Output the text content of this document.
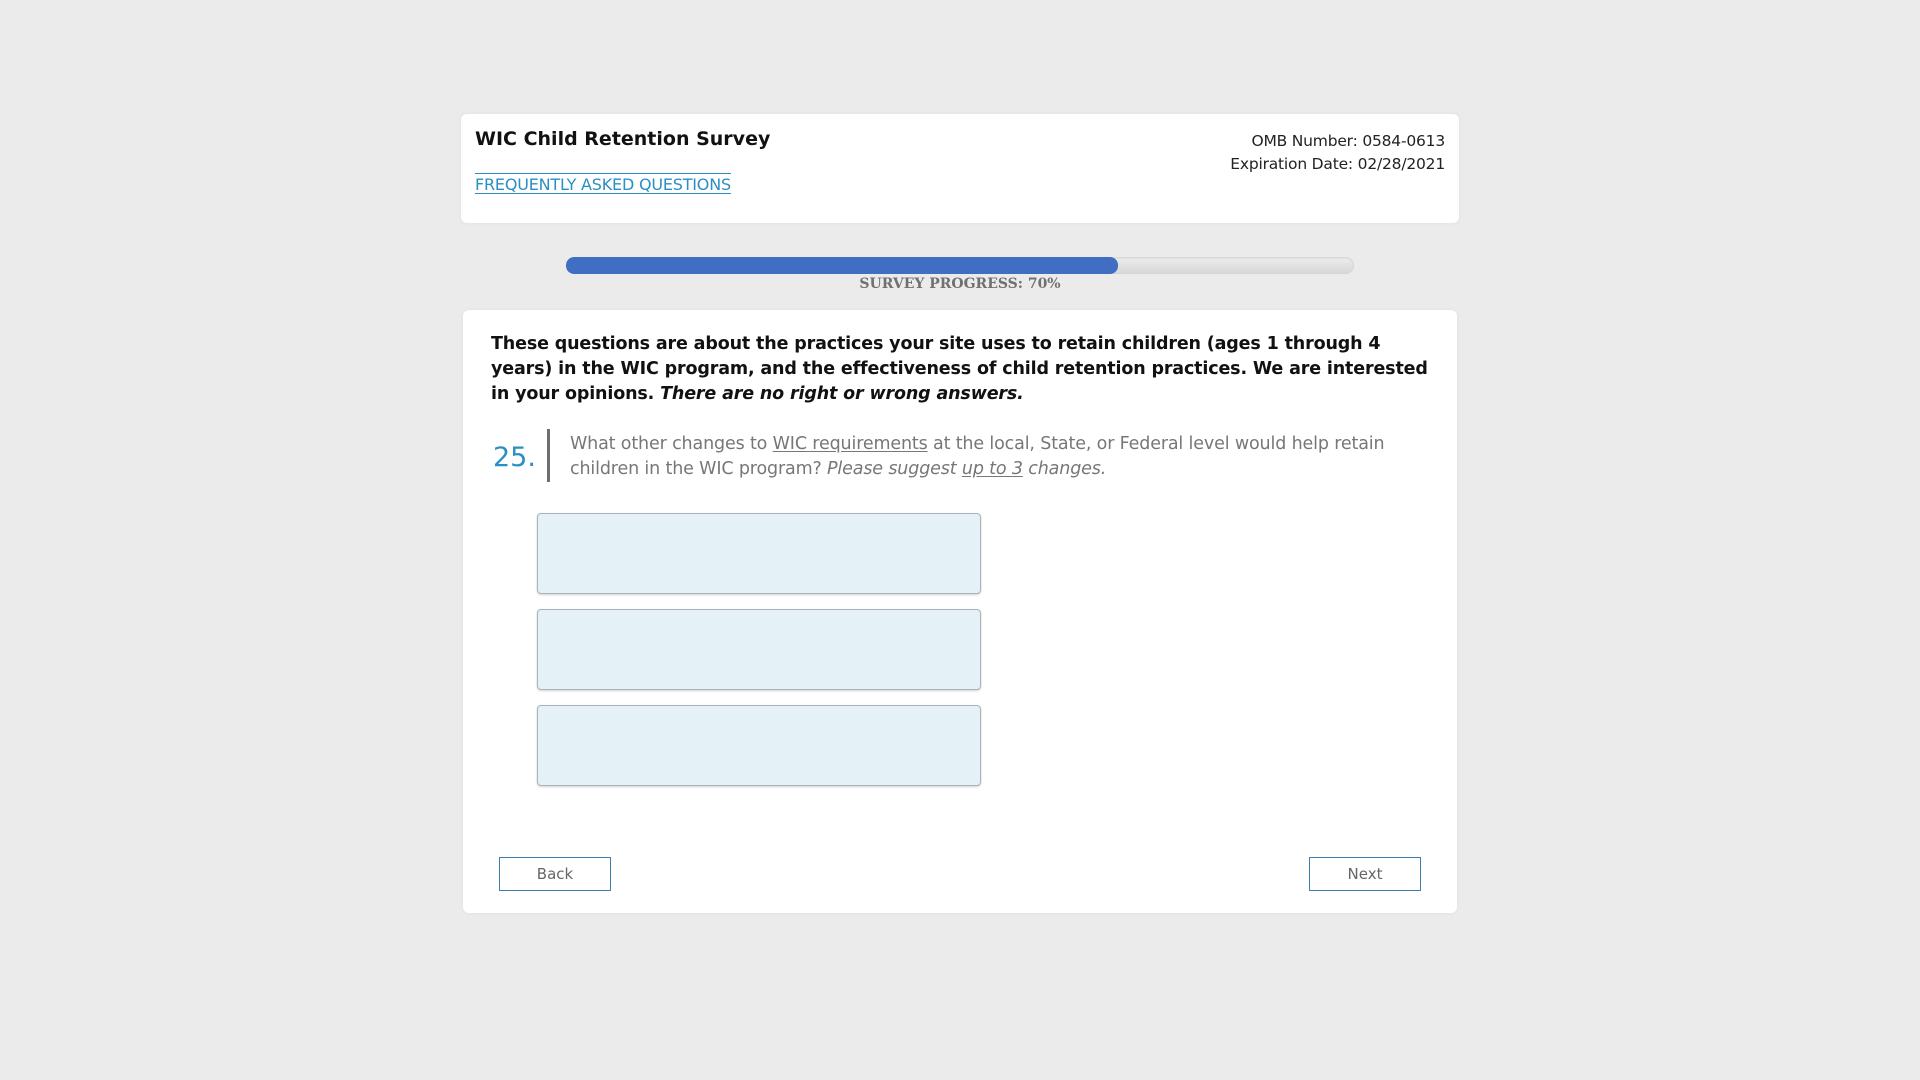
WIC Child Retention Survey
FREQUENTLY ASKED QUESTIONS
OMB Number: 0584-0613
Expiration Date: 02/28/2021
SURVEY PROGRESS: 70%
These questions are about the practices your site uses to retain children (ages 1 through 4 years) in the WIC program, and the effectiveness of child retention practices. We are interested in your opinions. There are no right or wrong answers.
25. What other changes to WIC requirements at the local, State, or Federal level would help retain children in the WIC program? Please suggest up to 3 changes.
Back	Next
